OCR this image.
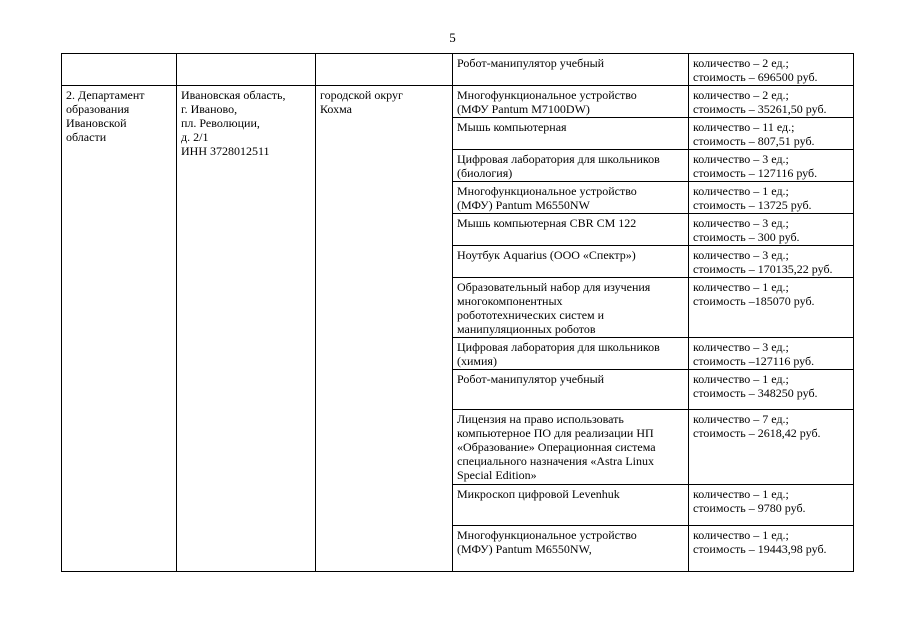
5
			Робот-манипулятор учебный	количество – 2 ед.;
стоимость – 696500 руб.
2. Департамент
образования
Ивановской
области	Ивановская область,
г. Иваново,
пл. Революции,
д. 2/1
ИНН 3728012511	городской округ
Кохма	Многофункциональное устройство
(МФУ Pantum M7100DW)	количество – 2 ед.;
стоимость – 35261,50 руб.
			Мышь компьютерная	количество – 11 ед.;
стоимость – 807,51 руб.
			Цифровая лаборатория для школьников
(биология)	количество – 3 ед.;
стоимость – 127116 руб.
			Многофункциональное устройство
(МФУ) Pantum M6550NW	количество – 1 ед.;
стоимость – 13725 руб.
			Мышь компьютерная CBR CM 122	количество – 3 ед.;
стоимость – 300 руб.
			Ноутбук Aquarius (ООО «Спектр»)	количество – 3 ед.;
стоимость – 170135,22 руб.
			Образовательный набор для изучения
многокомпонентных
робототехнических систем и
манипуляционных роботов	количество – 1 ед.;
стоимость –185070 руб.
			Цифровая лаборатория для школьников
(химия)	количество – 3 ед.;
стоимость –127116 руб.
			Робот-манипулятор учебный	количество – 1 ед.;
стоимость – 348250 руб.
			Лицензия на право использовать
компьютерное ПО для реализации НП
«Образование» Операционная система
специального назначения «Astra Linux
Special Edition»	количество – 7 ед.;
стоимость – 2618,42 руб.
			Микроскоп цифровой Levenhuk	количество – 1 ед.;
стоимость – 9780 руб.
			Многофункциональное устройство
(МФУ) Pantum M6550NW,	количество – 1 ед.;
стоимость – 19443,98 руб.
